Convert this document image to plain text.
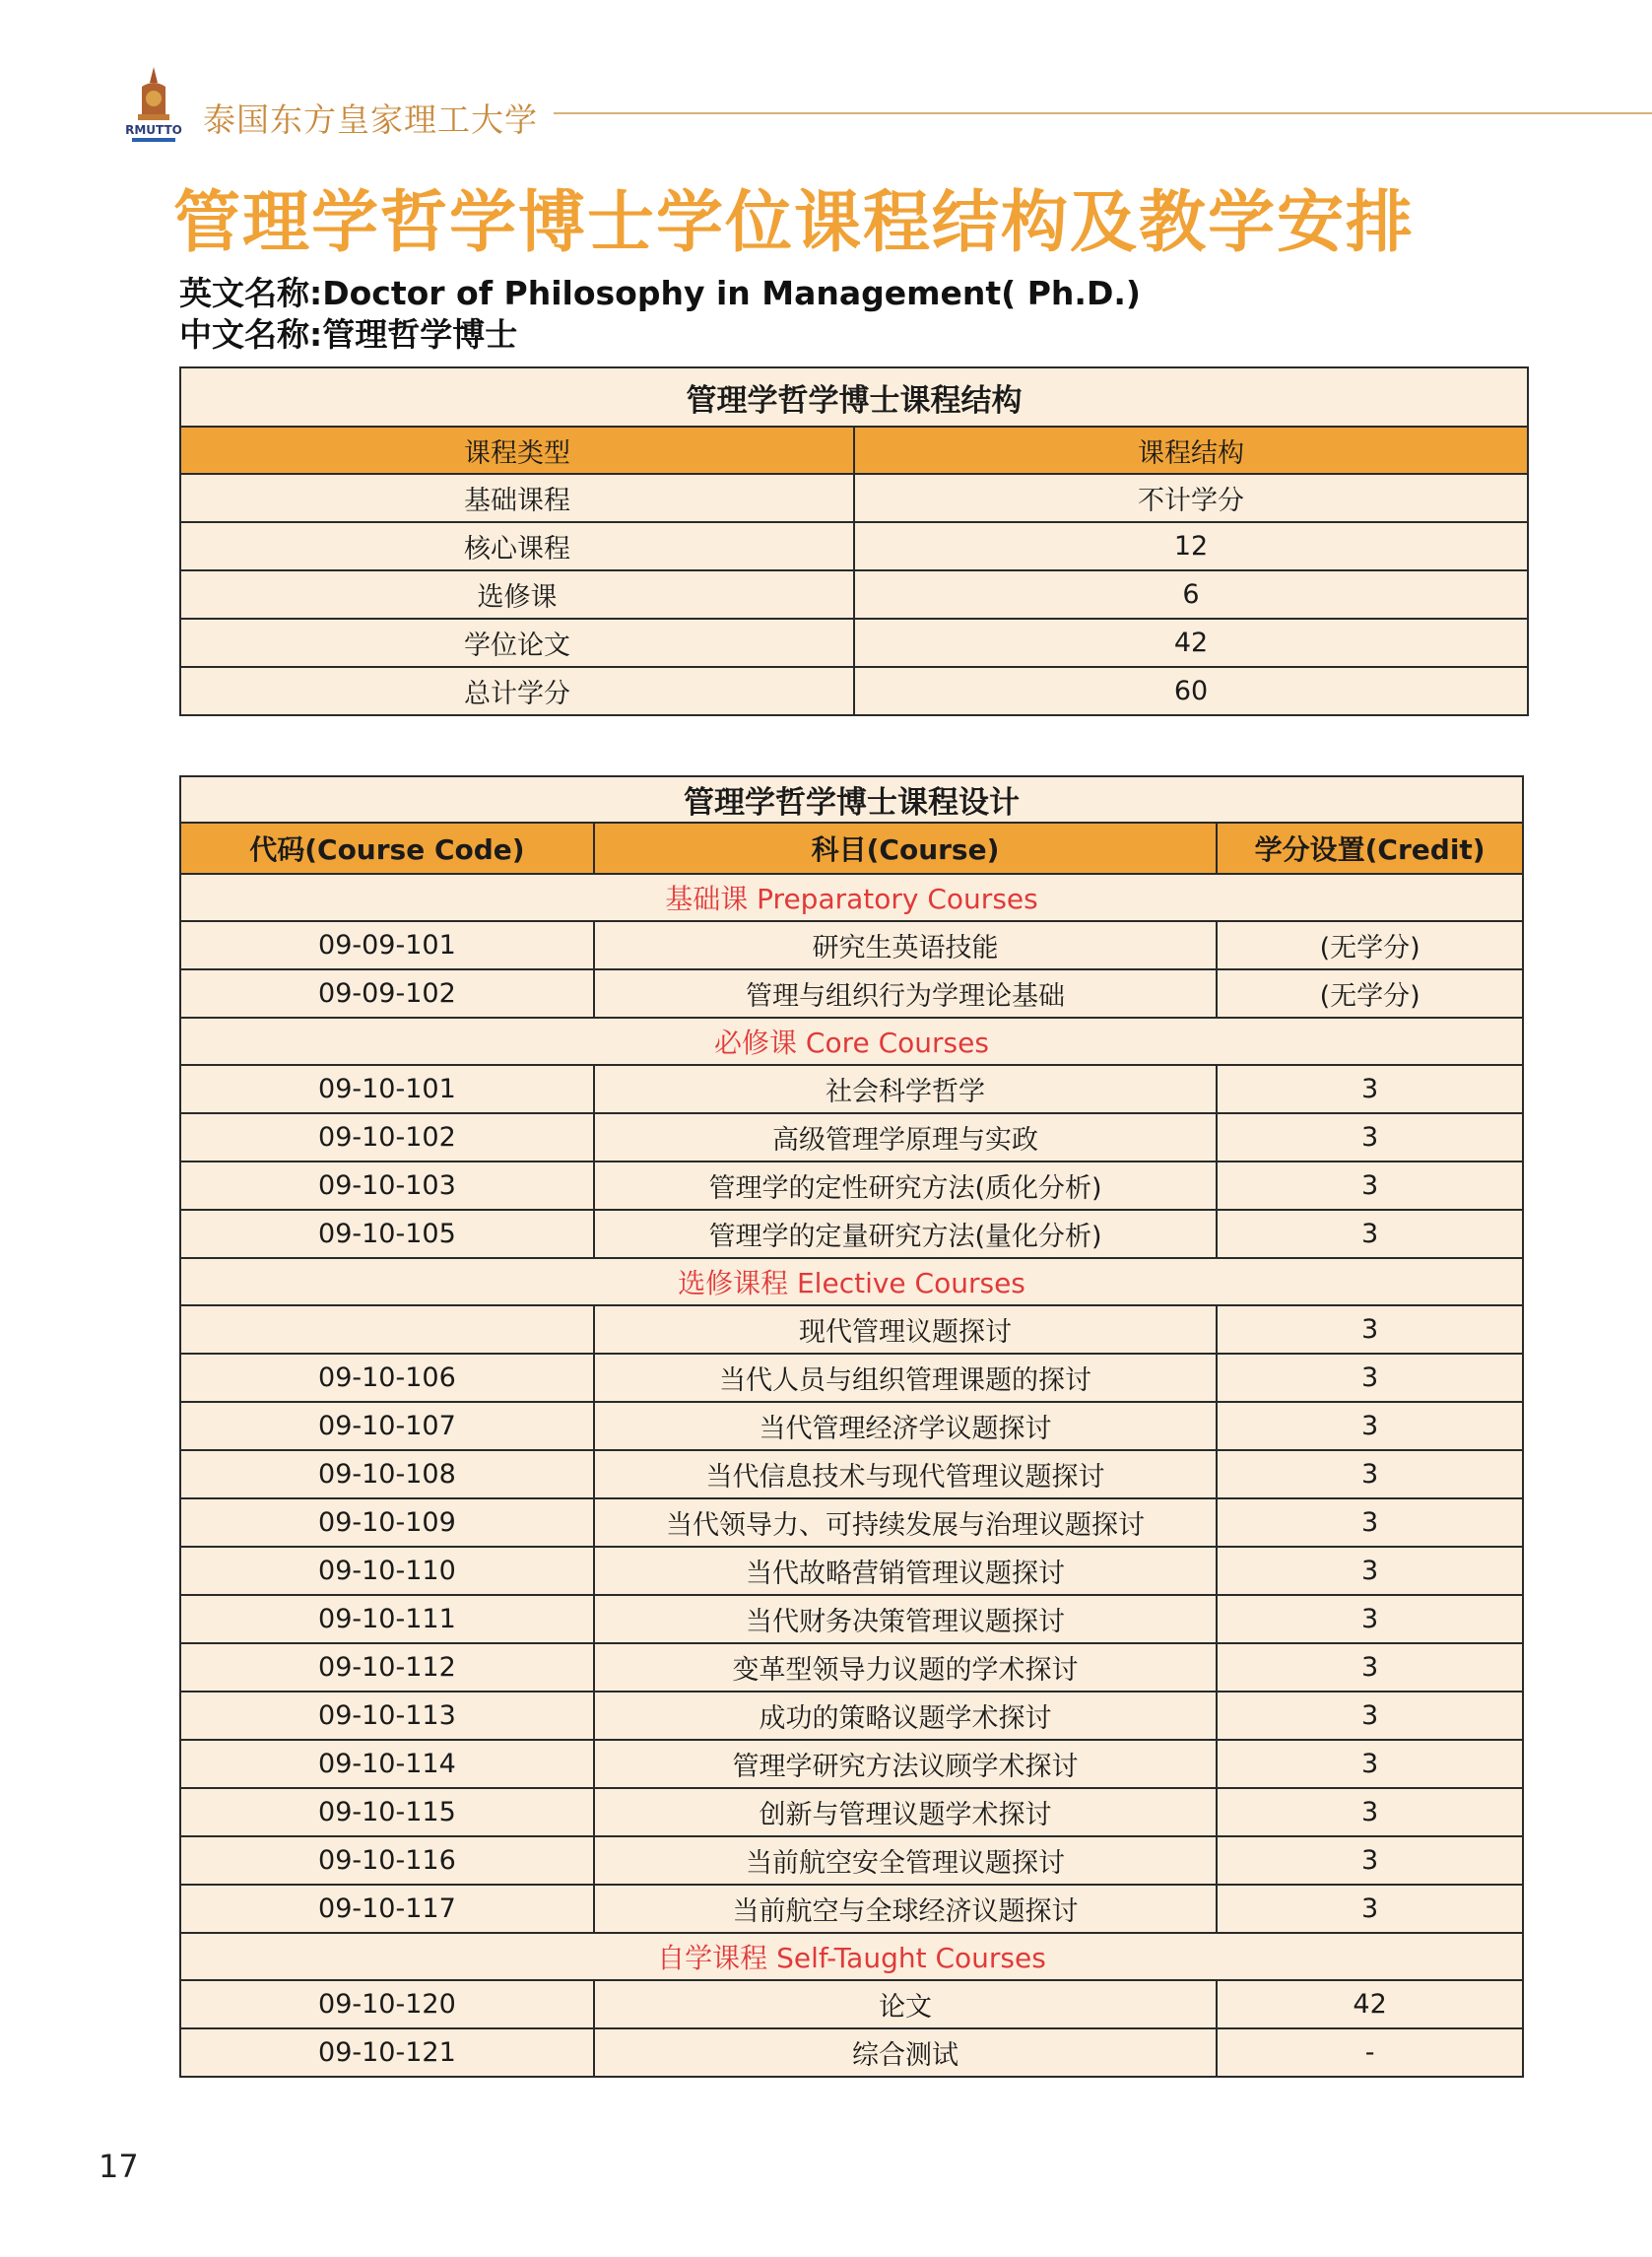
RMUTTO 泰国东方皇家理工大学
管理学哲学博士学位课程结构及教学安排
英文名称:Doctor of Philosophy in Management( Ph.D.)
中文名称:管理哲学博士
管理学哲学博士课程结构	
课程类型	课程结构
基础课程	不计学分
核心课程	12
选修课	6
学位论文	42
总计学分	60
管理学哲学博士课程设计		
代码(Course Code)	科目(Course)	学分设置(Credit)
基础课 Preparatory Courses		
09-09-101	研究生英语技能	(无学分)
09-09-102	管理与组织行为学理论基础	(无学分)
必修课 Core Courses		
09-10-101	社会科学哲学	3
09-10-102	高级管理学原理与实政	3
09-10-103	管理学的定性研究方法(质化分析)	3
09-10-105	管理学的定量研究方法(量化分析)	3
选修课程 Elective Courses		
	现代管理议题探讨	3
09-10-106	当代人员与组织管理课题的探讨	3
09-10-107	当代管理经济学议题探讨	3
09-10-108	当代信息技术与现代管理议题探讨	3
09-10-109	当代领导力、可持续发展与治理议题探讨	3
09-10-110	当代故略营销管理议题探讨	3
09-10-111	当代财务决策管理议题探讨	3
09-10-112	变革型领导力议题的学术探讨	3
09-10-113	成功的策略议题学术探讨	3
09-10-114	管理学研究方法议顾学术探讨	3
09-10-115	创新与管理议题学术探讨	3
09-10-116	当前航空安全管理议题探讨	3
09-10-117	当前航空与全球经济议题探讨	3
自学课程 Self-Taught Courses		
09-10-120	论文	42
09-10-121	综合测试	-
17
